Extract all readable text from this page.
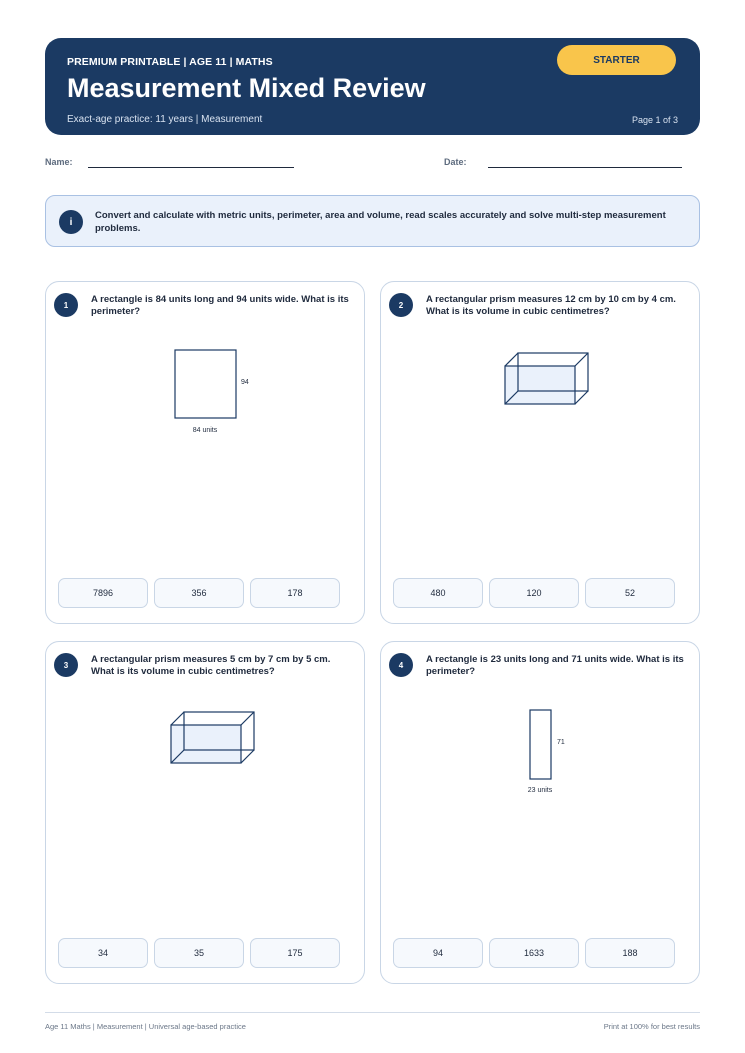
PREMIUM PRINTABLE | AGE 11 | MATHS
Measurement Mixed Review
Exact-age practice: 11 years | Measurement	Page 1 of 3
STARTER
Name:	Date:
i
Convert and calculate with metric units, perimeter, area and volume, read scales accurately and solve multi-step measurement problems.
1	A rectangle is 84 units long and 94 units wide. What is its perimeter?
94
84 units
7896	356	178
2	A rectangular prism measures 12 cm by 10 cm by 4 cm. What is its volume in cubic centimetres?
480	120	52
3	A rectangular prism measures 5 cm by 7 cm by 5 cm. What is its volume in cubic centimetres?
34	35	175
4	A rectangle is 23 units long and 71 units wide. What is its perimeter?
71
23 units
94	1633	188
Age 11 Maths | Measurement | Universal age-based practice	Print at 100% for best results
